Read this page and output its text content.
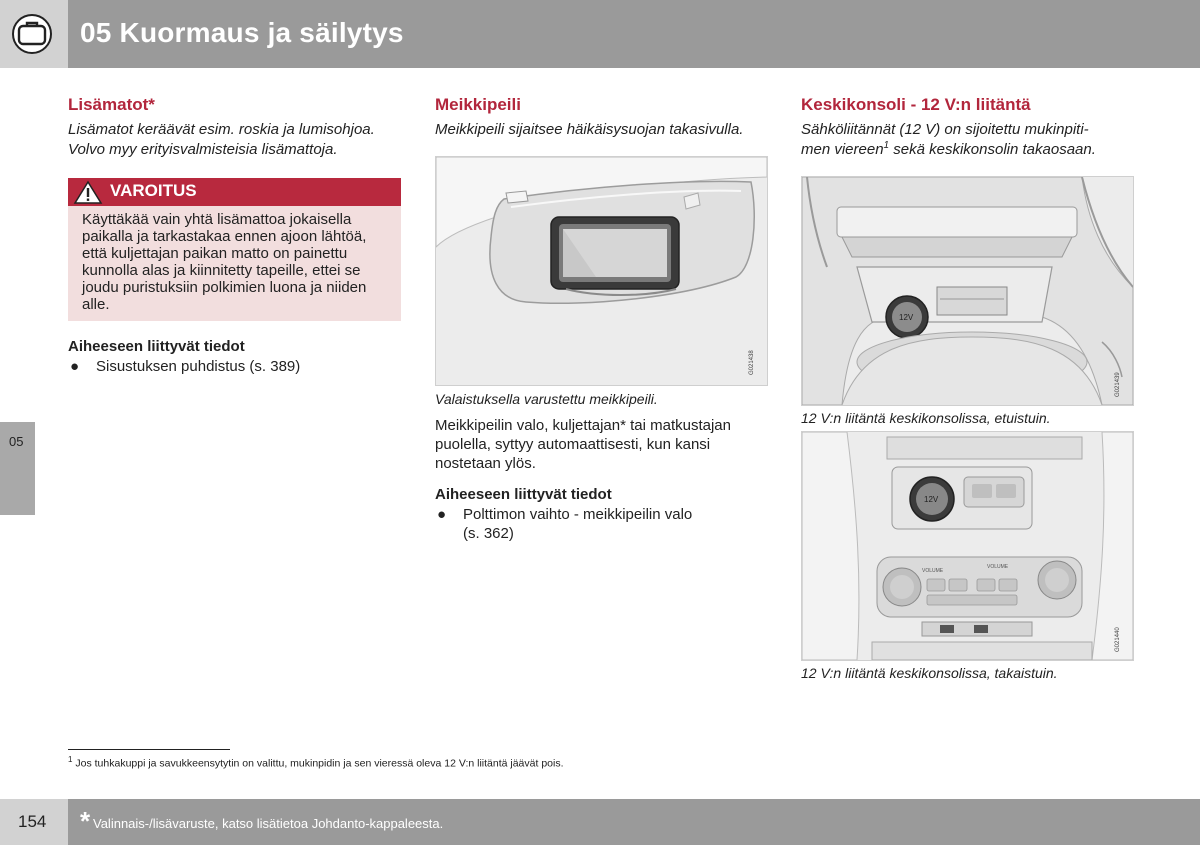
05 Kuormaus ja säilytys
05
Lisämatot*

Lisämatot keräävät esim. roskia ja lumisohjoa. Volvo myy erityisvalmisteisia lisämattoja.

VAROITUS
Käyttäkää vain yhtä lisämattoa jokaisella
paikalla ja tarkastakaa ennen ajoon lähtöä,
että kuljettajan paikan matto on painettu
kunnolla alas ja kiinnitetty tapeille, ettei se
joudu puristuksiin polkimien luona ja niiden
alle.
Aiheeseen liittyvät tiedot
● Sisustuksen puhdistus (s. 389)
Meikkipeili

Meikkipeili sijaitsee häikäisysuojan takasivulla.

G021438

Valaistuksella varustettu meikkipeili.

Meikkipeilin valo, kuljettajan* tai matkustajan

puolella, syttyy automaattisesti, kun kansi

nostetaan ylös.

Aiheeseen liittyvät tiedot
● Polttimon vaihto - meikkipeilin valo
(s. 362)
Keskikonsoli - 12 V:n liitäntä

Sähköliitännät (12 V) on sijoitettu mukinpiti-

men viereen$^1$ sekä keskikonsolin takaosaan.

12V
G021439

12 V:n liitäntä keskikonsolissa, etuistuin.

12V
VOLUME
VOLUME
G021440

12 V:n liitäntä keskikonsolissa, takaistuin.

$^1$ Jos tuhkakuppi ja savukkeensytytin on valittu, mukinpidin ja sen vieressä oleva 12 V:n liitäntä jäävät pois.
154 * Valinnais-/lisävaruste, katso lisätietoa Johdanto-kappaleesta.
